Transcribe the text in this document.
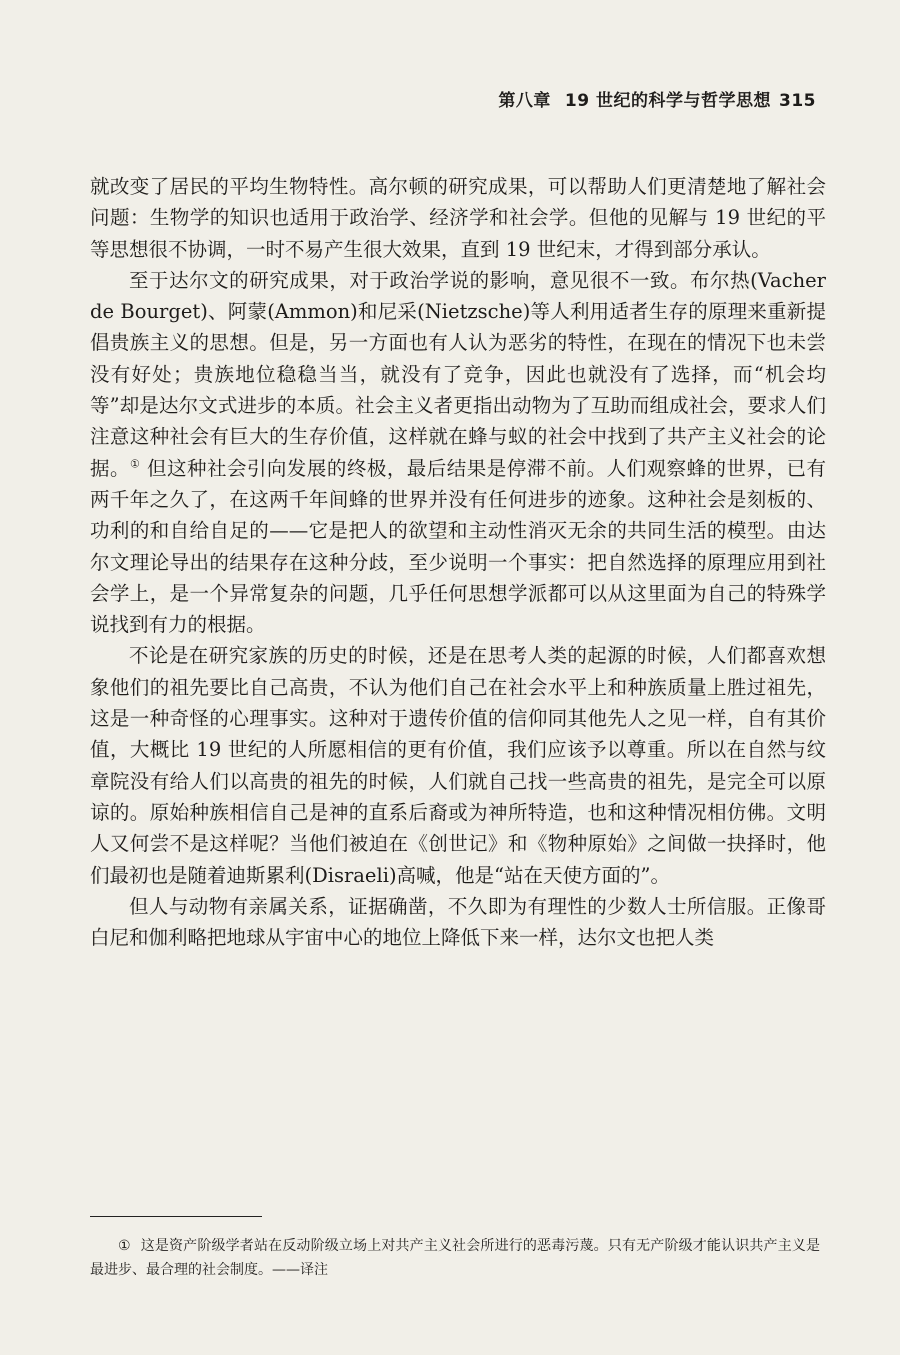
第八章 19 世纪的科学与哲学思想 315

就改变了居民的平均生物特性。高尔顿的研究成果，可以帮助人们更清楚地了解社会问题：生物学的知识也适用于政治学、经济学和社会学。但他的见解与 19 世纪的平等思想很不协调，一时不易产生很大效果，直到 19 世纪末，才得到部分承认。

至于达尔文的研究成果，对于政治学说的影响，意见很不一致。布尔热(Vacher de Bourget)、阿蒙(Ammon)和尼采(Nietzsche)等人利用适者生存的原理来重新提倡贵族主义的思想。但是，另一方面也有人认为恶劣的特性，在现在的情况下也未尝没有好处；贵族地位稳稳当当，就没有了竞争，因此也就没有了选择，而“机会均等”却是达尔文式进步的本质。社会主义者更指出动物为了互助而组成社会，要求人们注意这种社会有巨大的生存价值，这样就在蜂与蚁的社会中找到了共产主义社会的论据。① 但这种社会引向发展的终极，最后结果是停滞不前。人们观察蜂的世界，已有两千年之久了，在这两千年间蜂的世界并没有任何进步的迹象。这种社会是刻板的、功利的和自给自足的——它是把人的欲望和主动性消灭无余的共同生活的模型。由达尔文理论导出的结果存在这种分歧，至少说明一个事实：把自然选择的原理应用到社会学上，是一个异常复杂的问题，几乎任何思想学派都可以从这里面为自己的特殊学说找到有力的根据。

不论是在研究家族的历史的时候，还是在思考人类的起源的时候，人们都喜欢想象他们的祖先要比自己高贵，不认为他们自己在社会水平上和种族质量上胜过祖先，这是一种奇怪的心理事实。这种对于遗传价值的信仰同其他先人之见一样，自有其价值，大概比 19 世纪的人所愿相信的更有价值，我们应该予以尊重。所以在自然与纹章院没有给人们以高贵的祖先的时候，人们就自己找一些高贵的祖先，是完全可以原谅的。原始种族相信自己是神的直系后裔或为神所特造，也和这种情况相仿佛。文明人又何尝不是这样呢？当他们被迫在《创世记》和《物种原始》之间做一抉择时，他们最初也是随着迪斯累利(Disraeli)高喊，他是“站在天使方面的”。

但人与动物有亲属关系，证据确凿，不久即为有理性的少数人士所信服。正像哥白尼和伽利略把地球从宇宙中心的地位上降低下来一样，达尔文也把人类

① 这是资产阶级学者站在反动阶级立场上对共产主义社会所进行的恶毒污蔑。只有无产阶级才能认识共产主义是最进步、最合理的社会制度。——译注
